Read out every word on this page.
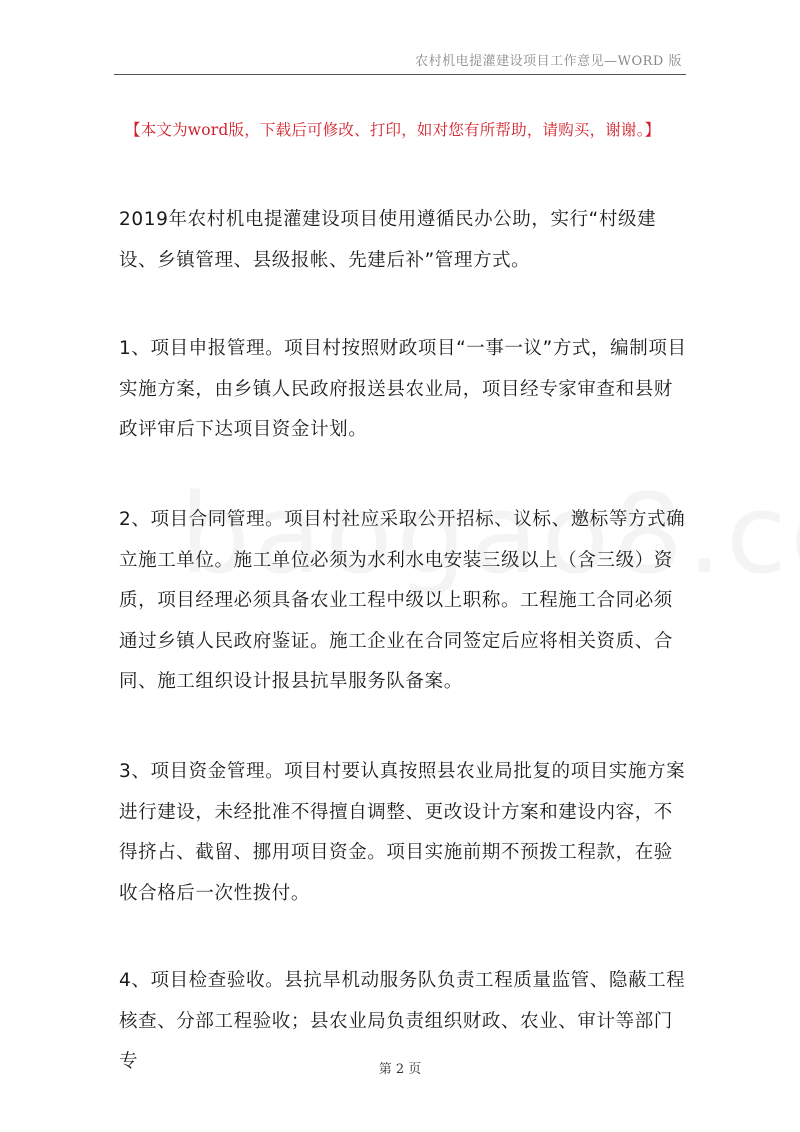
农村机电提灌建设项目工作意见—WORD 版
【本文为word版，下载后可修改、打印，如对您有所帮助，请购买，谢谢。】

2019年农村机电提灌建设项目使用遵循民办公助，实行“村级建设、乡镇管理、县级报帐、先建后补”管理方式。

1、项目申报管理。项目村按照财政项目“一事一议”方式，编制项目实施方案，由乡镇人民政府报送县农业局，项目经专家审查和县财政评审后下达项目资金计划。

2、项目合同管理。项目村社应采取公开招标、议标、邀标等方式确立施工单位。施工单位必须为水利水电安装三级以上（含三级）资质，项目经理必须具备农业工程中级以上职称。工程施工合同必须通过乡镇人民政府鉴证。施工企业在合同签定后应将相关资质、合同、施工组织设计报县抗旱服务队备案。

3、项目资金管理。项目村要认真按照县农业局批复的项目实施方案进行建设，未经批准不得擅自调整、更改设计方案和建设内容，不得挤占、截留、挪用项目资金。项目实施前期不预拨工程款，在验收合格后一次性拨付。

4、项目检查验收。县抗旱机动服务队负责工程质量监管、隐蔽工程核查、分部工程验收；县农业局负责组织财政、农业、审计等部门专	第 2 页
